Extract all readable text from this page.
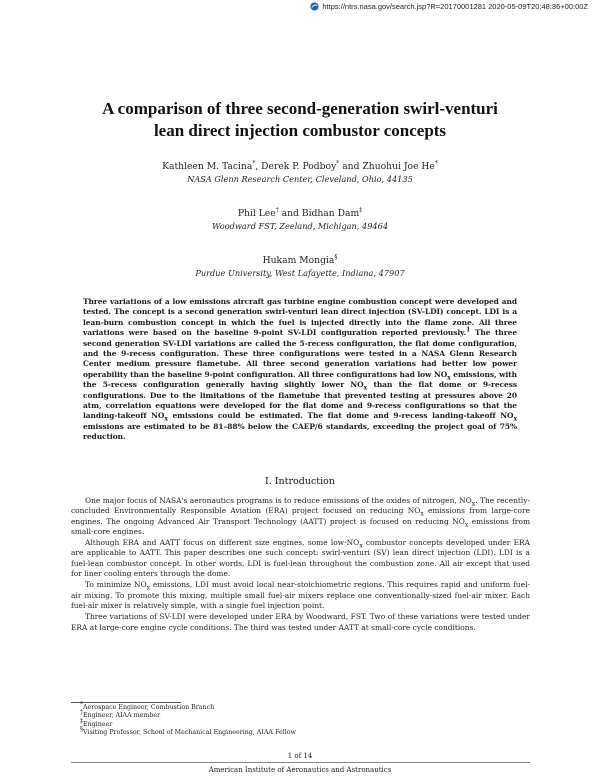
https://ntrs.nasa.gov/search.jsp?R=20170001281 2020-05-09T20:48:36+00:00Z
A comparison of three second-generation swirl-venturi
lean direct injection combustor concepts
Kathleen M. Tacina*, Derek P. Podboy* and Zhuohui Joe He*
NASA Glenn Research Center, Cleveland, Ohio, 44135
Phil Lee† and Bidhan Dam‡
Woodward FST, Zeeland, Michigan, 49464
Hukam Mongia§
Purdue University, West Lafayette, Indiana, 47907
Three variations of a low emissions aircraft gas turbine engine combustion concept were developed and tested. The concept is a second generation swirl-venturi lean direct injection (SV-LDI) concept. LDI is a lean-burn combustion concept in which the fuel is injected directly into the flame zone. All three variations were based on the baseline 9-point SV-LDI configuration reported previously.$^1$ The three second generation SV-LDI variations are called the 5-recess configuration, the flat dome configuration, and the 9-recess configuration. These three configurations were tested in a NASA Glenn Research Center medium pressure flametube. All three second generation variations had better low power operability than the baseline 9-point configuration. All three configurations had low $NO_x$ emissions, with the 5-recess configuration generally having slightly lower $NO_x$ than the flat dome or 9-recess configurations. Due to the limitations of the flametube that prevented testing at pressures above 20 atm, correlation equations were developed for the flat dome and 9-recess configurations so that the landing-takeoff $NO_x$ emissions could be estimated. The flat dome and 9-recess landing-takeoff $NO_x$ emissions are estimated to be 81–88% below the CAEP/6 standards, exceeding the project goal of 75% reduction.
I. Introduction

One major focus of NASA's aeronautics programs is to reduce emissions of the oxides of nitrogen, $NO_x$. The recently-concluded Environmentally Responsible Aviation (ERA) project focused on reducing $NO_x$ emissions from large-core engines. The ongoing Advanced Air Transport Technology (AATT) project is focused on reducing $NO_x$ emissions from small-core engines.

Although ERA and AATT focus on different size engines, some low-$NO_x$ combustor concepts developed under ERA are applicable to AATT. This paper describes one such concept: swirl-venturi (SV) lean direct injection (LDI). LDI is a fuel-lean combustor concept. In other words, LDI is fuel-lean throughout the combustion zone. All air except that used for liner cooling enters through the dome.

To minimize $NO_x$ emissions, LDI must avoid local near-stoichiometric regions. This requires rapid and uniform fuel-air mixing. To promote this mixing, multiple small fuel-air mixers replace one conventionally-sized fuel-air mixer. Each fuel-air mixer is relatively simple, with a single fuel injection point.

Three variations of SV-LDI were developed under ERA by Woodward, FST. Two of these variations were tested under ERA at large-core engine cycle conditions. The third was tested under AATT at small-core cycle conditions.

*Aerospace Engineer, Combustion Branch
†Engineer, AIAA member
‡Engineer
§Visiting Professor, School of Mechanical Engineering, AIAA Fellow
1 of 14
American Institute of Aeronautics and Astronautics
